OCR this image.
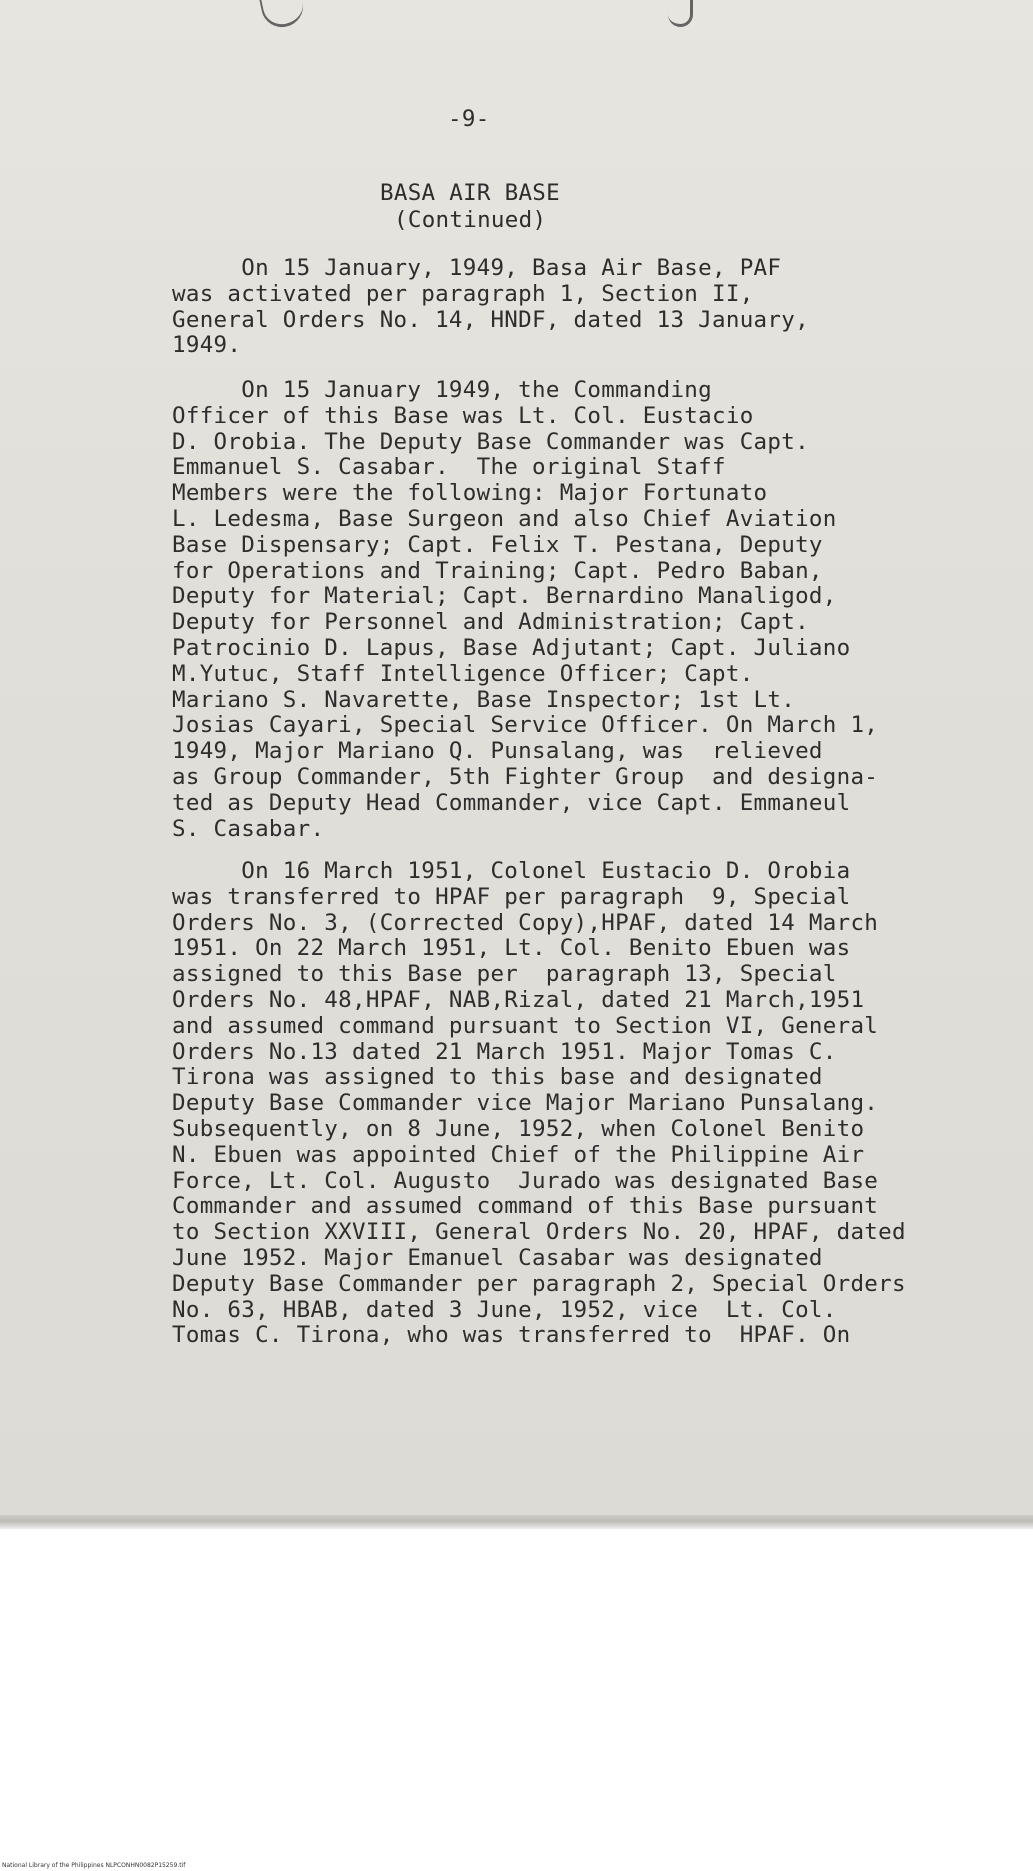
-9-
BASA AIR BASE
(Continued)
On 15 January, 1949, Basa Air Base, PAF
was activated per paragraph 1, Section II,
General Orders No. 14, HNDF, dated 13 January,
1949.
On 15 January 1949, the Commanding
Officer of this Base was Lt. Col. Eustacio
D. Orobia. The Deputy Base Commander was Capt.
Emmanuel S. Casabar.  The original Staff
Members were the following: Major Fortunato
L. Ledesma, Base Surgeon and also Chief Aviation
Base Dispensary; Capt. Felix T. Pestana, Deputy
for Operations and Training; Capt. Pedro Baban,
Deputy for Material; Capt. Bernardino Manaligod,
Deputy for Personnel and Administration; Capt.
Patrocinio D. Lapus, Base Adjutant; Capt. Juliano
M.Yutuc, Staff Intelligence Officer; Capt.
Mariano S. Navarette, Base Inspector; 1st Lt.
Josias Cayari, Special Service Officer. On March 1,
1949, Major Mariano Q. Punsalang, was  relieved
as Group Commander, 5th Fighter Group  and designa-
ted as Deputy Head Commander, vice Capt. Emmaneul
S. Casabar.
On 16 March 1951, Colonel Eustacio D. Orobia
was transferred to HPAF per paragraph  9, Special
Orders No. 3, (Corrected Copy),HPAF, dated 14 March
1951. On 22 March 1951, Lt. Col. Benito Ebuen was
assigned to this Base per  paragraph 13, Special
Orders No. 48,HPAF, NAB,Rizal, dated 21 March,1951
and assumed command pursuant to Section VI, General
Orders No.13 dated 21 March 1951. Major Tomas C.
Tirona was assigned to this base and designated
Deputy Base Commander vice Major Mariano Punsalang.
Subsequently, on 8 June, 1952, when Colonel Benito
N. Ebuen was appointed Chief of the Philippine Air
Force, Lt. Col. Augusto  Jurado was designated Base
Commander and assumed command of this Base pursuant
to Section XXVIII, General Orders No. 20, HPAF, dated
June 1952. Major Emanuel Casabar was designated
Deputy Base Commander per paragraph 2, Special Orders
No. 63, HBAB, dated 3 June, 1952, vice  Lt. Col.
Tomas C. Tirona, who was transferred to  HPAF. On
National Library of the Philippines NLPCONHN0082P15259.tif
